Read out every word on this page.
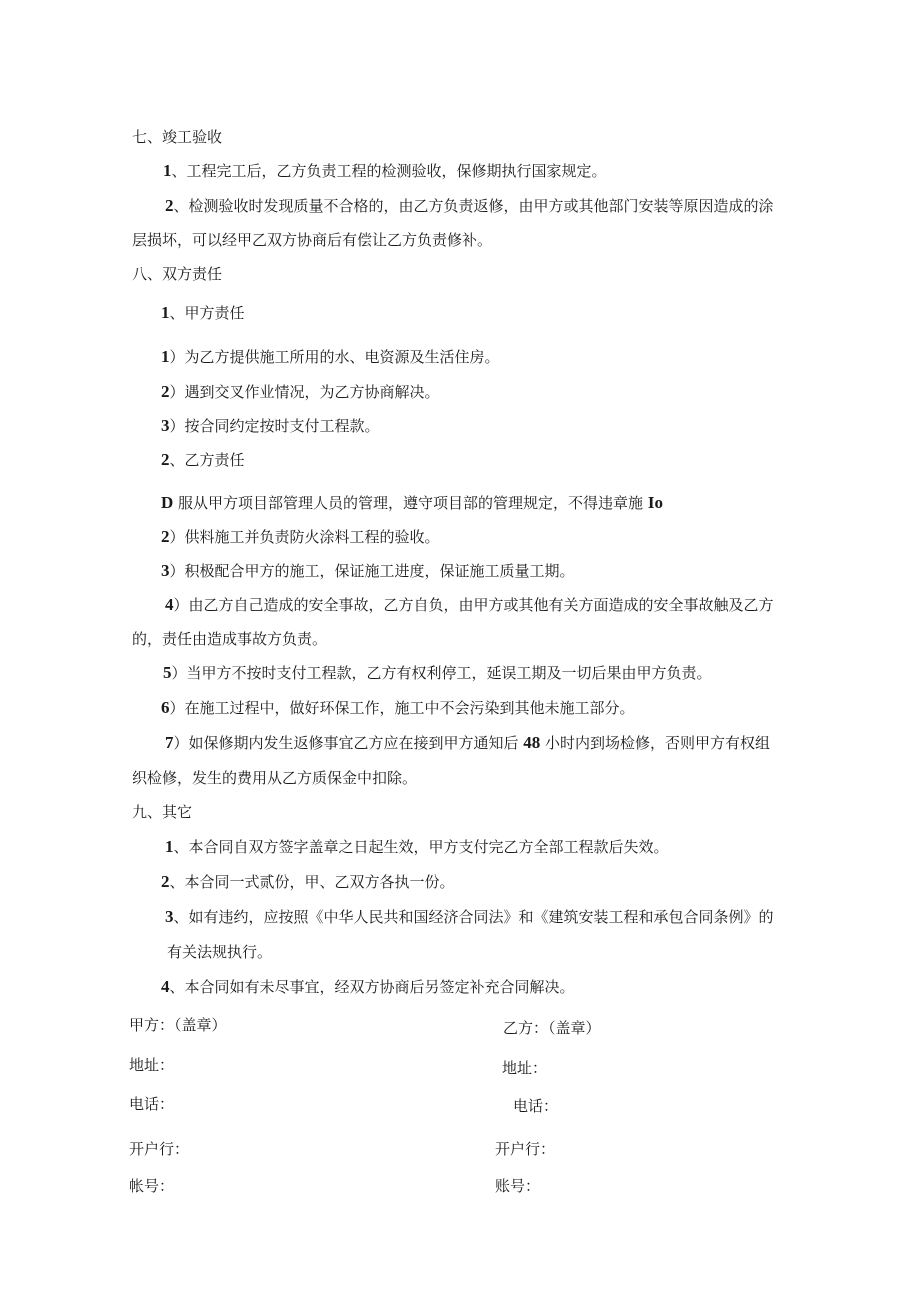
七、竣工验收
1、工程完工后，乙方负责工程的检测验收，保修期执行国家规定。
2、检测验收时发现质量不合格的，由乙方负责返修，由甲方或其他部门安装等原因造成的涂
层损坏，可以经甲乙双方协商后有偿让乙方负责修补。
八、双方责任
1、甲方责任
1）为乙方提供施工所用的水、电资源及生活住房。
2）遇到交叉作业情况，为乙方协商解决。
3）按合同约定按时支付工程款。
2、乙方责任
D 服从甲方项目部管理人员的管理，遵守项目部的管理规定，不得违章施 Io
2）供料施工并负责防火涂料工程的验收。
3）积极配合甲方的施工，保证施工进度，保证施工质量工期。
4）由乙方自己造成的安全事故，乙方自负，由甲方或其他有关方面造成的安全事故触及乙方
的，责任由造成事故方负责。
5）当甲方不按时支付工程款，乙方有权利停工，延误工期及一切后果由甲方负责。
6）在施工过程中，做好环保工作，施工中不会污染到其他未施工部分。
7）如保修期内发生返修事宜乙方应在接到甲方通知后 48 小时内到场检修，否则甲方有权组
织检修，发生的费用从乙方质保金中扣除。
九、其它
1、本合同自双方签字盖章之日起生效，甲方支付完乙方全部工程款后失效。
2、本合同一式贰份，甲、乙双方各执一份。
3、如有违约，应按照《中华人民共和国经济合同法》和《建筑安装工程和承包合同条例》的
有关法规执行。
4、本合同如有未尽事宜，经双方协商后另签定补充合同解决。
甲方：（盖章）	乙方：（盖章）
地址：	地址：
电话：	电话：
开户行：	开户行：
帐号：	账号：
